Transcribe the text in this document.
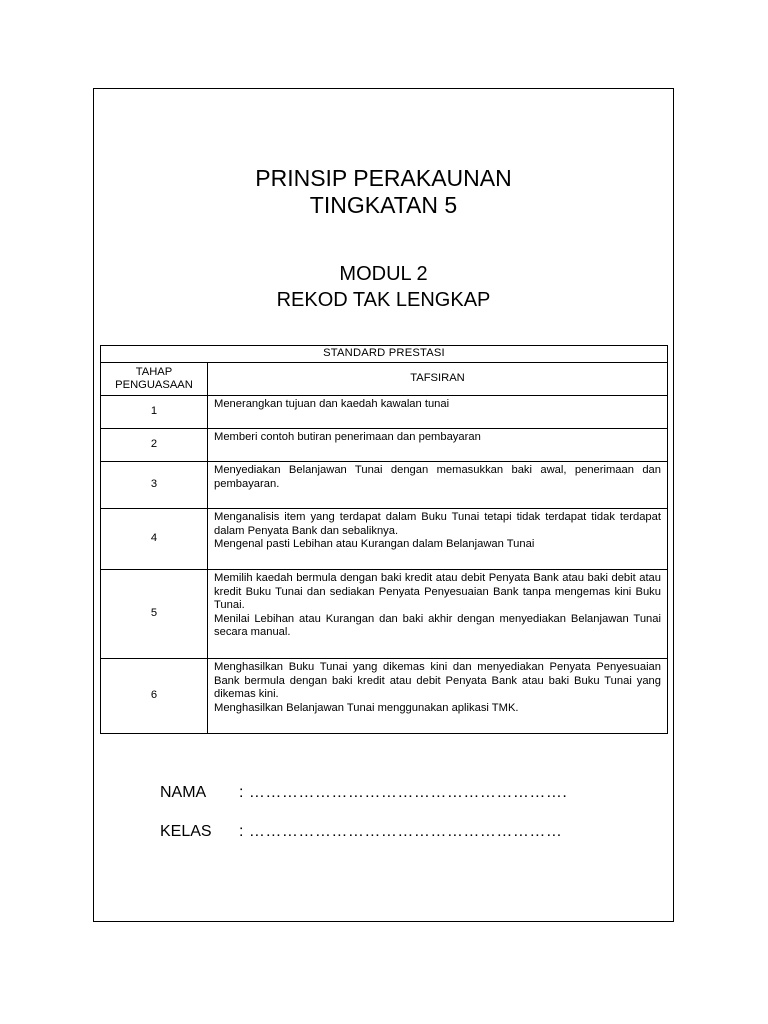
PRINSIP PERAKAUNAN
TINGKATAN 5
MODUL 2
REKOD TAK LENGKAP
STANDARD PRESTASI	

TAHAP
PENGUASAAN	TAFSIRAN
1	Menerangkan tujuan dan kaedah kawalan tunai

2	Memberi contoh butiran penerimaan dan pembayaran

3	Menyediakan Belanjawan Tunai dengan memasukkan baki awal, penerimaan dan pembayaran.

4	Menganalisis item yang terdapat dalam Buku Tunai tetapi tidak terdapat tidak terdapat dalam Penyata Bank dan sebaliknya.

Mengenal pasti Lebihan atau Kurangan dalam Belanjawan Tunai

5	Memilih kaedah bermula dengan baki kredit atau debit Penyata Bank atau baki debit atau kredit Buku Tunai dan sediakan Penyata Penyesuaian Bank tanpa mengemas kini Buku Tunai.

Menilai Lebihan atau Kurangan dan baki akhir dengan menyediakan Belanjawan Tunai secara manual.

6	Menghasilkan Buku Tunai yang dikemas kini dan menyediakan Penyata Penyesuaian Bank bermula dengan baki kredit atau debit Penyata Bank atau baki Buku Tunai yang dikemas kini.

Menghasilkan Belanjawan Tunai menggunakan aplikasi TMK.

NAMA : ………………………………………………….
KELAS : …………………………………………………
